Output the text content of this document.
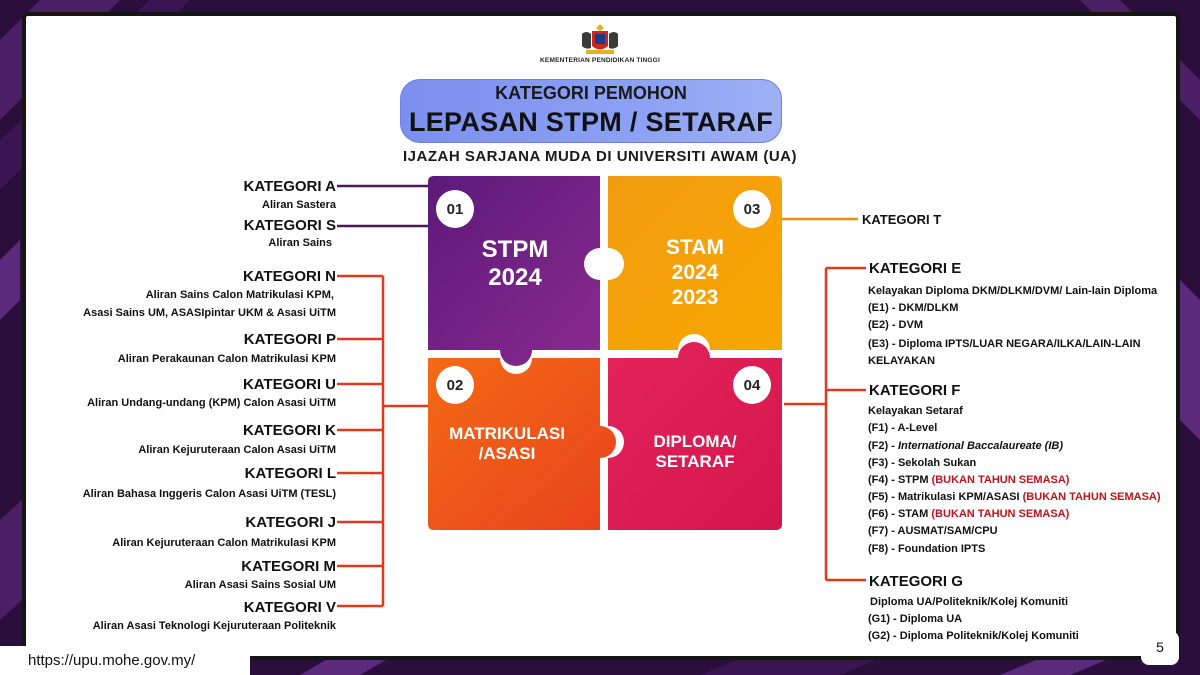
KEMENTERIAN PENDIDIKAN TINGGI
KATEGORI PEMOHON
LEPASAN STPM / SETARAF
IJAZAH SARJANA MUDA DI UNIVERSITI AWAM (UA)
01	03
02	04
STPM
2024
STAM
2024
2023
MATRIKULASI
/ASASI
DIPLOMA/
SETARAF
KATEGORI A
Aliran Sastera
KATEGORI S
Aliran Sains
KATEGORI N
Aliran Sains Calon Matrikulasi KPM,
Asasi Sains UM, ASASIpintar UKM & Asasi UiTM
KATEGORI P
Aliran Perakaunan Calon Matrikulasi KPM
KATEGORI U
Aliran Undang-undang (KPM) Calon Asasi UiTM
KATEGORI K
Aliran Kejuruteraan Calon Asasi UiTM
KATEGORI L
Aliran Bahasa Inggeris Calon Asasi UiTM (TESL)
KATEGORI J
Aliran Kejuruteraan Calon Matrikulasi KPM
KATEGORI M
Aliran Asasi Sains Sosial UM
KATEGORI V
Aliran Asasi Teknologi Kejuruteraan Politeknik
KATEGORI T
KATEGORI E
Kelayakan Diploma DKM/DLKM/DVM/ Lain-lain Diploma
(E1) - DKM/DLKM
(E2) - DVM
(E3) - Diploma IPTS/LUAR NEGARA/ILKA/LAIN-LAIN
KELAYAKAN
KATEGORI F
Kelayakan Setaraf
(F1) - A-Level
(F2) - International Baccalaureate (IB)
(F3) - Sekolah Sukan
(F4) - STPM (BUKAN TAHUN SEMASA)
(F5) - Matrikulasi KPM/ASASI (BUKAN TAHUN SEMASA)
(F6) - STAM (BUKAN TAHUN SEMASA)
(F7) - AUSMAT/SAM/CPU
(F8) - Foundation IPTS
KATEGORI G
Diploma UA/Politeknik/Kolej Komuniti
(G1) - Diploma UA
(G2) - Diploma Politeknik/Kolej Komuniti
https://upu.mohe.gov.my/
5
